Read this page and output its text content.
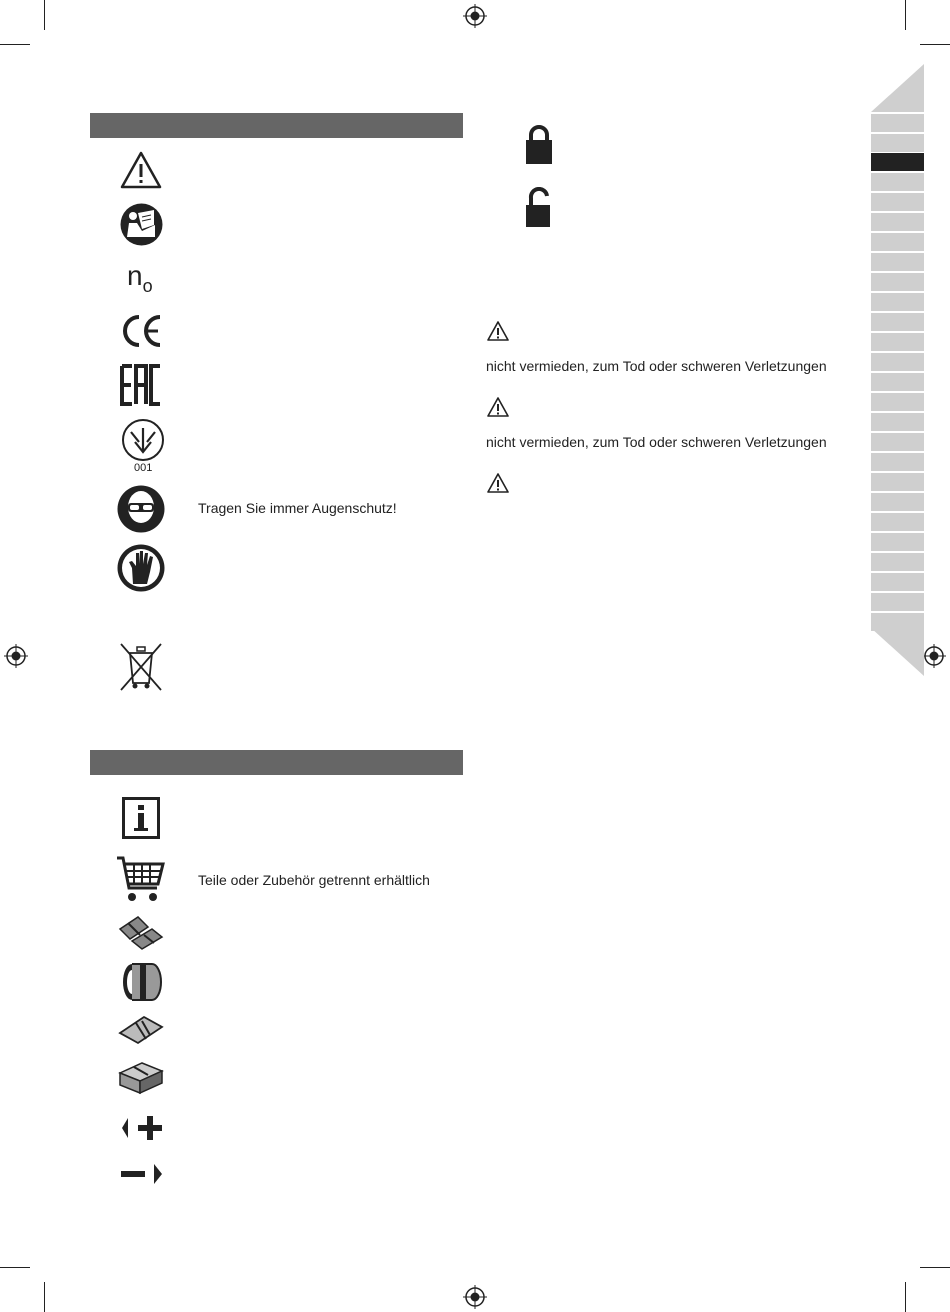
$n_o$
001
Tragen Sie immer Augenschutz!
Teile oder Zubehör getrennt erhältlich
nicht vermieden, zum Tod oder schweren Verletzungen
nicht vermieden, zum Tod oder schweren Verletzungen
